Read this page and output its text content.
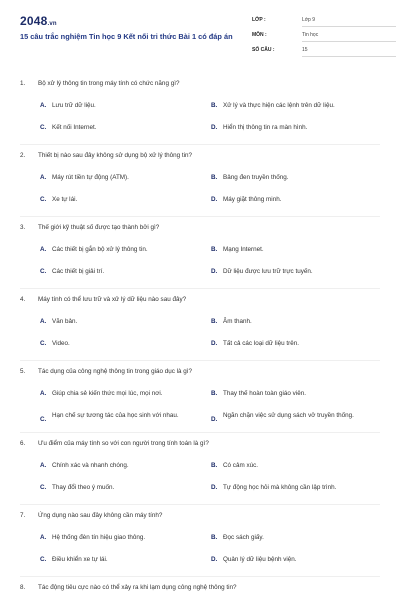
2048.vn
15 câu trắc nghiệm Tin học 9 Kết nối tri thức Bài 1 có đáp án
LỚP :	Lớp 9
MÔN :	Tin học
SỐ CÂU :	15
1. Bộ xử lý thông tin trong máy tính có chức năng gì?
A. Lưu trữ dữ liệu.	B. Xử lý và thực hiện các lệnh trên dữ liệu.
C. Kết nối Internet.	D. Hiển thị thông tin ra màn hình.
2. Thiết bị nào sau đây không sử dụng bộ xử lý thông tin?
A. Máy rút tiền tự động (ATM).	B. Bảng đen truyền thống.
C. Xe tự lái.	D. Máy giặt thông minh.
3. Thế giới kỹ thuật số được tạo thành bởi gì?
A. Các thiết bị gắn bộ xử lý thông tin.	B. Mạng Internet.
C. Các thiết bị giải trí.	D. Dữ liệu được lưu trữ trực tuyến.
4. Máy tính có thể lưu trữ và xử lý dữ liệu nào sau đây?
A. Văn bản.	B. Âm thanh.
C. Video.	D. Tất cả các loại dữ liệu trên.
5. Tác dụng của công nghệ thông tin trong giáo dục là gì?
A. Giúp chia sẻ kiến thức mọi lúc, mọi nơi.	B. Thay thế hoàn toàn giáo viên.
C.
Hạn chế sự tương tác của học sinh với nhau.
D.
Ngăn chặn việc sử dụng sách vở truyền thống.
6. Ưu điểm của máy tính so với con người trong tính toán là gì?
A. Chính xác và nhanh chóng.	B. Có cảm xúc.
C. Thay đổi theo ý muốn.	D. Tự động học hỏi mà không cần lập trình.
7. Ứng dụng nào sau đây không cần máy tính?
A. Hệ thống đèn tín hiệu giao thông.	B. Đọc sách giấy.
C. Điều khiển xe tự lái.	D. Quản lý dữ liệu bệnh viện.
8. Tác động tiêu cực nào có thể xảy ra khi lạm dụng công nghệ thông tin?
